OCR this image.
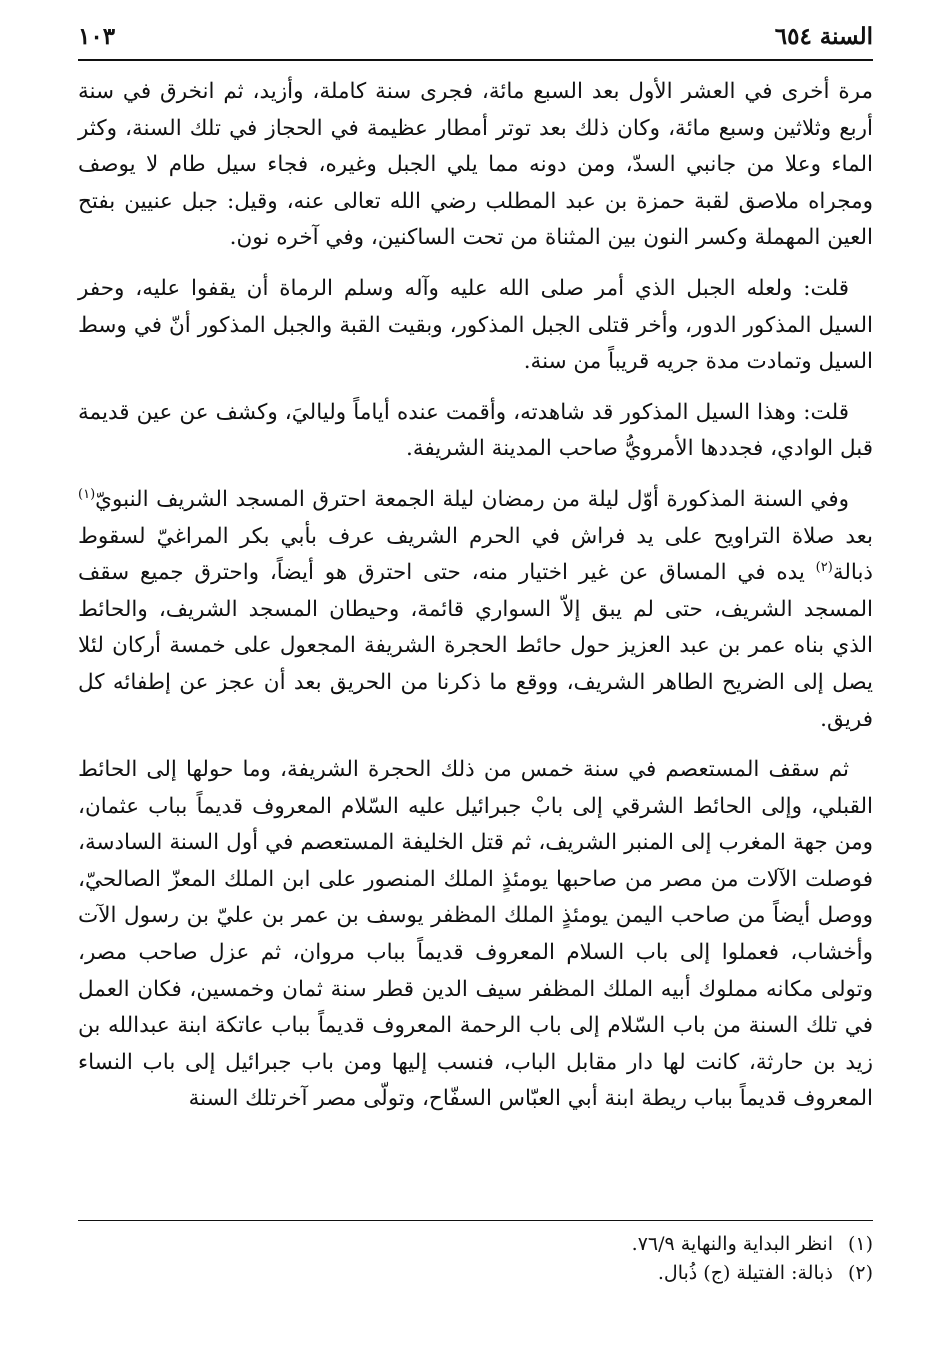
السنة ٦٥٤
١٠٣

مرة أخرى في العشر الأول بعد السبع مائة، فجرى سنة كاملة، وأزيد، ثم انخرق في سنة أربع وثلاثين وسبع مائة، وكان ذلك بعد توتر أمطار عظيمة في الحجاز في تلك السنة، وكثر الماء وعلا من جانبي السدّ، ومن دونه مما يلي الجبل وغيره، فجاء سيل طام لا يوصف ومجراه ملاصق لقبة حمزة بن عبد المطلب رضي الله تعالى عنه، وقيل: جبل عنيين بفتح العين المهملة وكسر النون بين المثناة من تحت الساكنين، وفي آخره نون.

قلت: ولعله الجبل الذي أمر صلى الله عليه وآله وسلم الرماة أن يقفوا عليه، وحفر السيل المذكور الدور، وأخر قتلى الجبل المذكور، وبقيت القبة والجبل المذكور أنّ في وسط السيل وتمادت مدة جريه قريباً من سنة.

قلت: وهذا السيل المذكور قد شاهدته، وأقمت عنده أياماً ولياليَ، وكشف عن عين قديمة قبل الوادي، فجددها الأمرويُّ صاحب المدينة الشريفة.

وفي السنة المذكورة أوّل ليلة من رمضان ليلة الجمعة احترق المسجد الشريف النبويّ$^{(١)}$ بعد صلاة التراويح على يد فراش في الحرم الشريف عرف بأبي بكر المراغيّ لسقوط ذبالة$^{(٢)}$ يده في المساق عن غير اختيار منه، حتى احترق هو أيضاً، واحترق جميع سقف المسجد الشريف، حتى لم يبق إلاّ السواري قائمة، وحيطان المسجد الشريف، والحائط الذي بناه عمر بن عبد العزيز حول حائط الحجرة الشريفة المجعول على خمسة أركان لئلا يصل إلى الضريح الطاهر الشريف، ووقع ما ذكرنا من الحريق بعد أن عجز عن إطفائه كل فريق.

ثم سقف المستعصم في سنة خمس من ذلك الحجرة الشريفة، وما حولها إلى الحائط القبلي، وإلى الحائط الشرقي إلى بابْ جبرائيل عليه السّلام المعروف قديماً بباب عثمان، ومن جهة المغرب إلى المنبر الشريف، ثم قتل الخليفة المستعصم في أول السنة السادسة، فوصلت الآلات من مصر من صاحبها يومئذٍ الملك المنصور على ابن الملك المعزّ الصالحيّ، ووصل أيضاً من صاحب اليمن يومئذٍ الملك المظفر يوسف بن عمر بن عليّ بن رسول الآت وأخشاب، فعملوا إلى باب السلام المعروف قديماً بباب مروان، ثم عزل صاحب مصر، وتولى مكانه مملوك أبيه الملك المظفر سيف الدين قطر سنة ثمان وخمسين، فكان العمل في تلك السنة من باب السّلام إلى باب الرحمة المعروف قديماً بباب عاتكة ابنة عبدالله بن زيد بن حارثة، كانت لها دار مقابل الباب، فنسب إليها ومن باب جبرائيل إلى باب النساء المعروف قديماً بباب ريطة ابنة أبي العبّاس السفّاح، وتولّى مصر آخرتلك السنة

(١)
انظر البداية والنهاية ٧٦/٩.
(٢)
ذبالة: الفتيلة (ج) ذُبال.
